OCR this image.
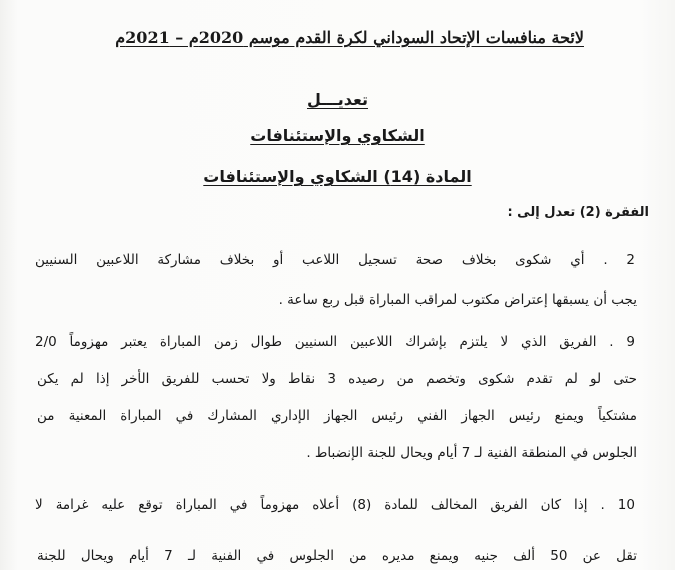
لائحة منافسات الإتحاد السوداني لكرة القدم موسم 2020م – 2021م
تعديـــل
الشكاوي والإستئنافات
المادة (14) الشكاوي والإستئنافات
الفقرة (2) تعدل إلى :
2 . أي شكوى بخلاف صحة تسجيل اللاعب أو بخلاف مشاركة اللاعبين السنيين
يجب أن يسبقها إعتراض مكتوب لمراقب المباراة قبل ربع ساعة .
9 . الفريق الذي لا يلتزم بإشراك اللاعبين السنيين طوال زمن المباراة يعتبر مهزوماً 2/0
حتى لو لم تقدم شكوى وتخصم من رصيده 3 نقاط ولا تحسب للفريق الأخر إذا لم يكن
مشتكياً ويمنع رئيس الجهاز الفني رئيس الجهاز الإداري المشارك في المباراة المعنية من
الجلوس في المنطقة الفنية لـ 7 أيام ويحال للجنة الإنضباط .
10 . إذا كان الفريق المخالف للمادة (8) أعلاه مهزوماً في المباراة توقع عليه غرامة لا
تقل عن 50 ألف جنيه ويمنع مديره من الجلوس في الفنية لـ 7 أيام ويحال للجنة
